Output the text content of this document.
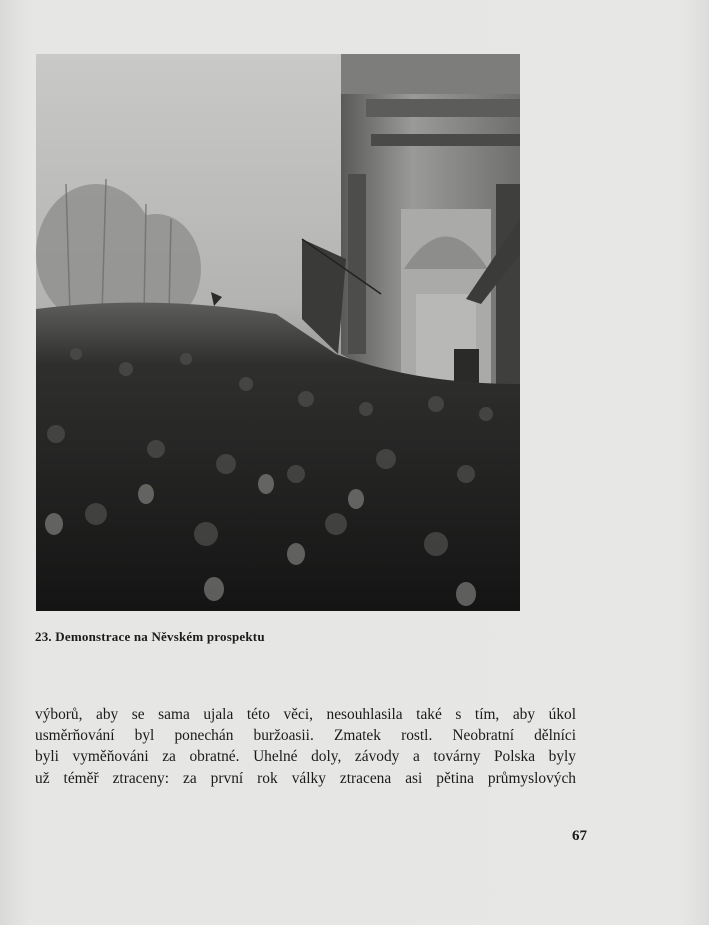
23. Demonstrace na Něvském prospektu
výborů, aby se sama ujala této věci, nesouhlasila také s tím, aby úkol
usměrňování byl ponechán buržoasii. Zmatek rostl. Neobratní dělníci
byli vyměňováni za obratné. Uhelné doly, závody a továrny Polska byly
už téměř ztraceny: za první rok války ztracena asi pětina průmyslových
67
